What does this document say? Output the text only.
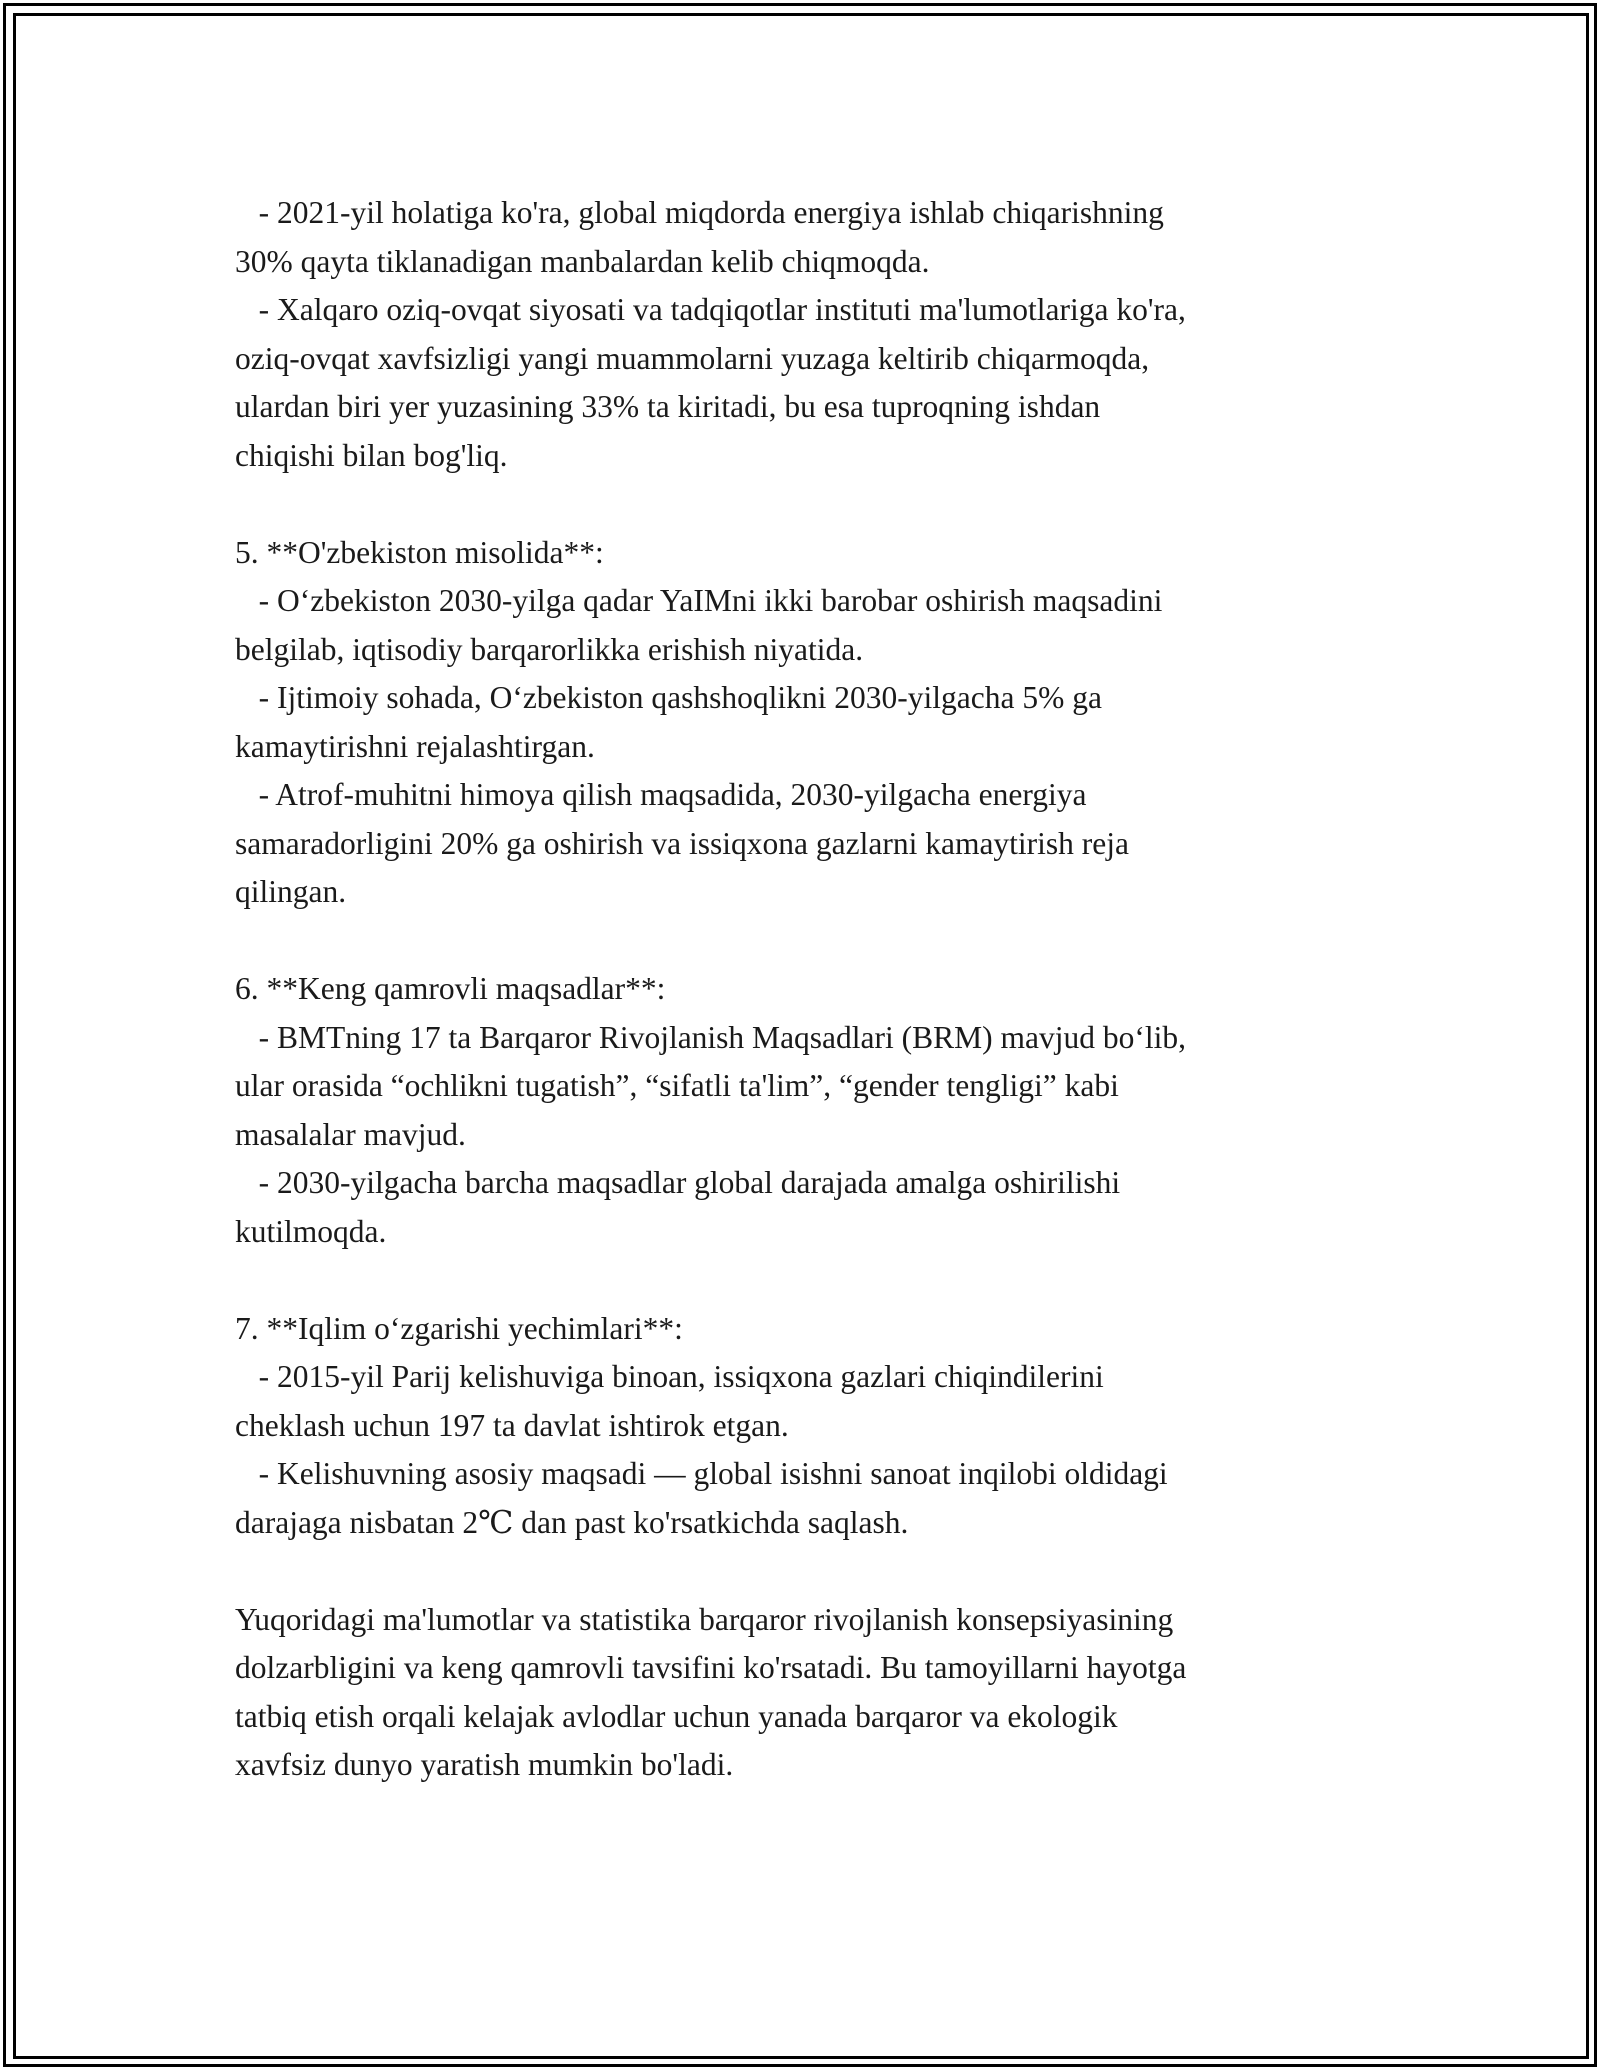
- 2021-yil holatiga ko'ra, global miqdorda energiya ishlab chiqarishning
30% qayta tiklanadigan manbalardan kelib chiqmoqda.
- Xalqaro oziq-ovqat siyosati va tadqiqotlar instituti ma'lumotlariga ko'ra,
oziq-ovqat xavfsizligi yangi muammolarni yuzaga keltirib chiqarmoqda,
ulardan biri yer yuzasining 33% ta kiritadi, bu esa tuproqning ishdan
chiqishi bilan bog'liq.
5. **O'zbekiston misolida**:
- O‘zbekiston 2030-yilga qadar YaIMni ikki barobar oshirish maqsadini
belgilab, iqtisodiy barqarorlikka erishish niyatida.
- Ijtimoiy sohada, O‘zbekiston qashshoqlikni 2030-yilgacha 5% ga
kamaytirishni rejalashtirgan.
- Atrof-muhitni himoya qilish maqsadida, 2030-yilgacha energiya
samaradorligini 20% ga oshirish va issiqxona gazlarni kamaytirish reja
qilingan.
6. **Keng qamrovli maqsadlar**:
- BMTning 17 ta Barqaror Rivojlanish Maqsadlari (BRM) mavjud bo‘lib,
ular orasida “ochlikni tugatish”, “sifatli ta'lim”, “gender tengligi” kabi
masalalar mavjud.
- 2030-yilgacha barcha maqsadlar global darajada amalga oshirilishi
kutilmoqda.
7. **Iqlim o‘zgarishi yechimlari**:
- 2015-yil Parij kelishuviga binoan, issiqxona gazlari chiqindilerini
cheklash uchun 197 ta davlat ishtirok etgan.
- Kelishuvning asosiy maqsadi — global isishni sanoat inqilobi oldidagi
darajaga nisbatan 2℃ dan past ko'rsatkichda saqlash.
Yuqoridagi ma'lumotlar va statistika barqaror rivojlanish konsepsiyasining
dolzarbligini va keng qamrovli tavsifini ko'rsatadi. Bu tamoyillarni hayotga
tatbiq etish orqali kelajak avlodlar uchun yanada barqaror va ekologik
xavfsiz dunyo yaratish mumkin bo'ladi.
